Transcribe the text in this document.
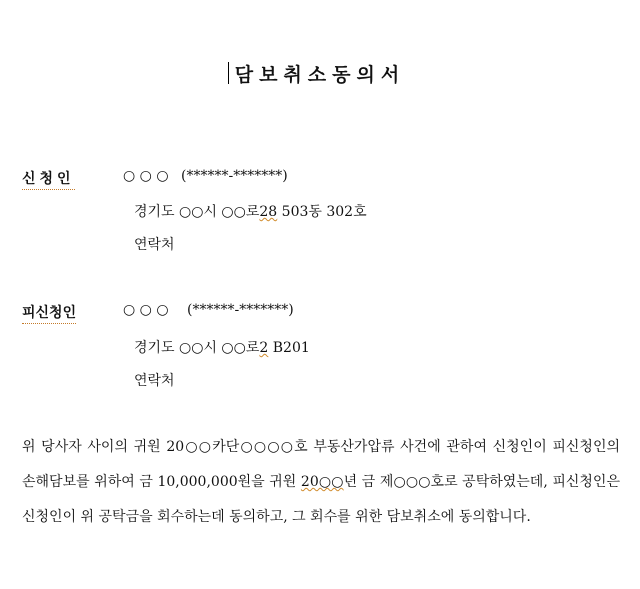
담보취소동의서
신청인	○ ○ ○ (******-*******)
경기도 ○○시 ○○로28 503동 302호
연락처
피신청인	○ ○ ○ (******-*******)
경기도 ○○시 ○○로2 B201
연락처
위 당사자 사이의 귀원 20○○카단○○○○호 부동산가압류 사건에 관하여 신청인이 피신청인의 손해담보를 위하여 금 10,000,000원을 귀원 20○○년 금 제○○○호로 공탁하였는데, 피신청인은 신청인이 위 공탁금을 회수하는데 동의하고, 그 회수를 위한 담보취소에 동의합니다.
